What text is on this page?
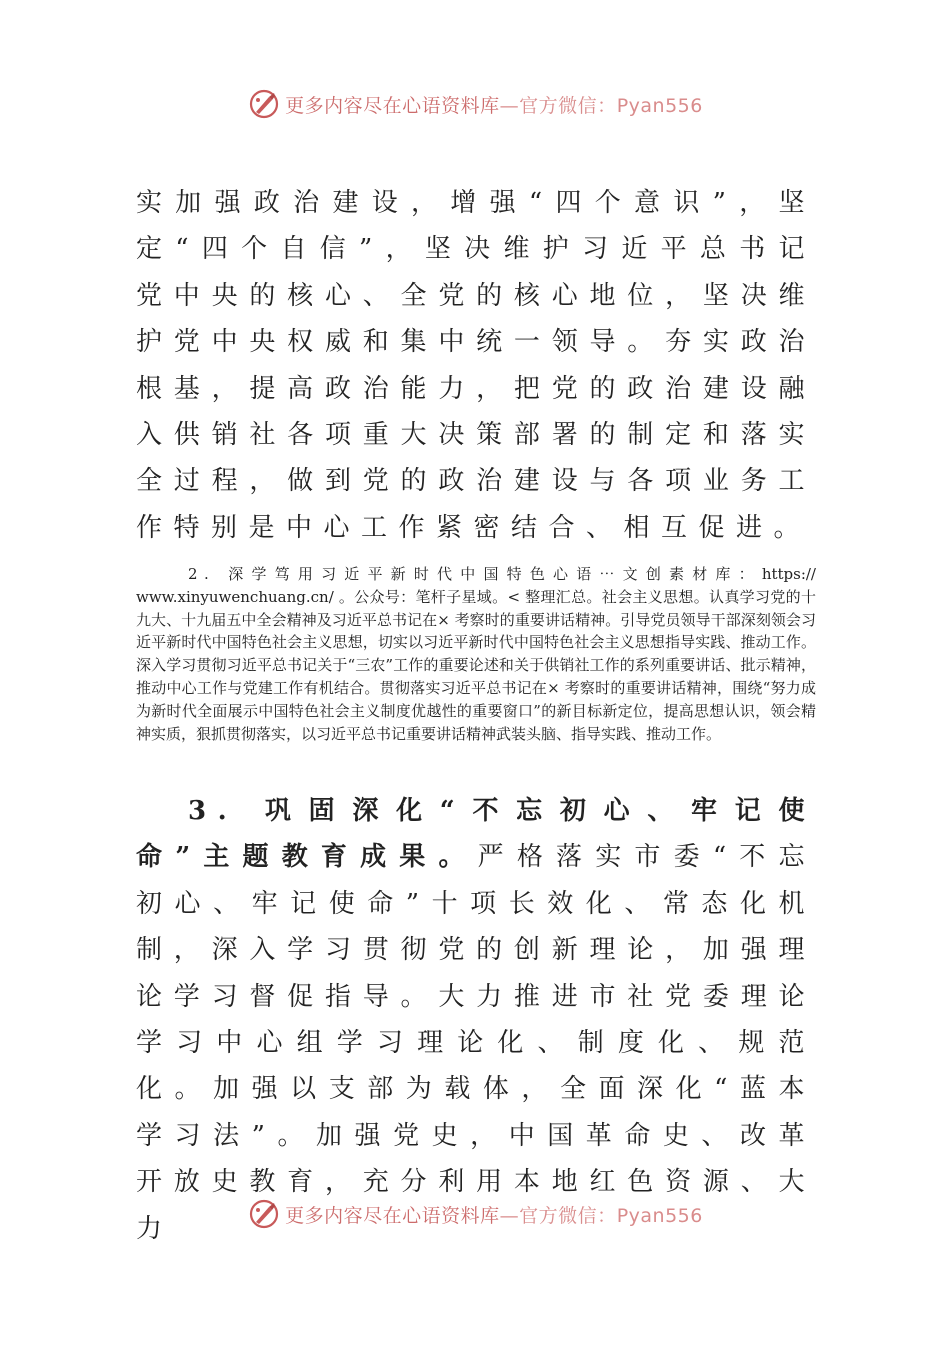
更多内容尽在心语资料库—官方微信：Pyan556

实加强政治建设，增强“四个意识”，坚定“四个自信”，坚决维护习近平总书记党中央的核心、全党的核心地位，坚决维护党中央权威和集中统一领导。夯实政治根基，提高政治能力，把党的政治建设融入供销社各项重大决策部署的制定和落实全过程，做到党的政治建设与各项业务工作特别是中心工作紧密结合、相互促进。

2. 深学笃用习近平新时代中国特色心语⋯文创素材库：https:// www.xinyuwenchuang.cn/ 。公众号：笔杆子星域。< 整理汇总。社会主义思想。认真学习党的十九大、十九届五中全会精神及习近平总书记在× 考察时的重要讲话精神。引导党员领导干部深刻领会习近平新时代中国特色社会主义思想，切实以习近平新时代中国特色社会主义思想指导实践、推动工作。深入学习贯彻习近平总书记关于“三农”工作的重要论述和关于供销社工作的系列重要讲话、批示精神，推动中心工作与党建工作有机结合。贯彻落实习近平总书记在× 考察时的重要讲话精神，围绕“努力成为新时代全面展示中国特色社会主义制度优越性的重要窗口”的新目标新定位，提高思想认识，领会精神实质，狠抓贯彻落实，以习近平总书记重要讲话精神武装头脑、指导实践、推动工作。

3. 巩固深化“不忘初心、牢记使命”主题教育成果。严格落实市委“不忘初心、牢记使命”十项长效化、常态化机制，深入学习贯彻党的创新理论，加强理论学习督促指导。大力推进市社党委理论学习中心组学习理论化、制度化、规范化。加强以支部为载体，全面深化“蓝本学习法”。加强党史，中国革命史、改革开放史教育，充分利用本地红色资源、大力	更多内容尽在心语资料库—官方微信：Pyan556
